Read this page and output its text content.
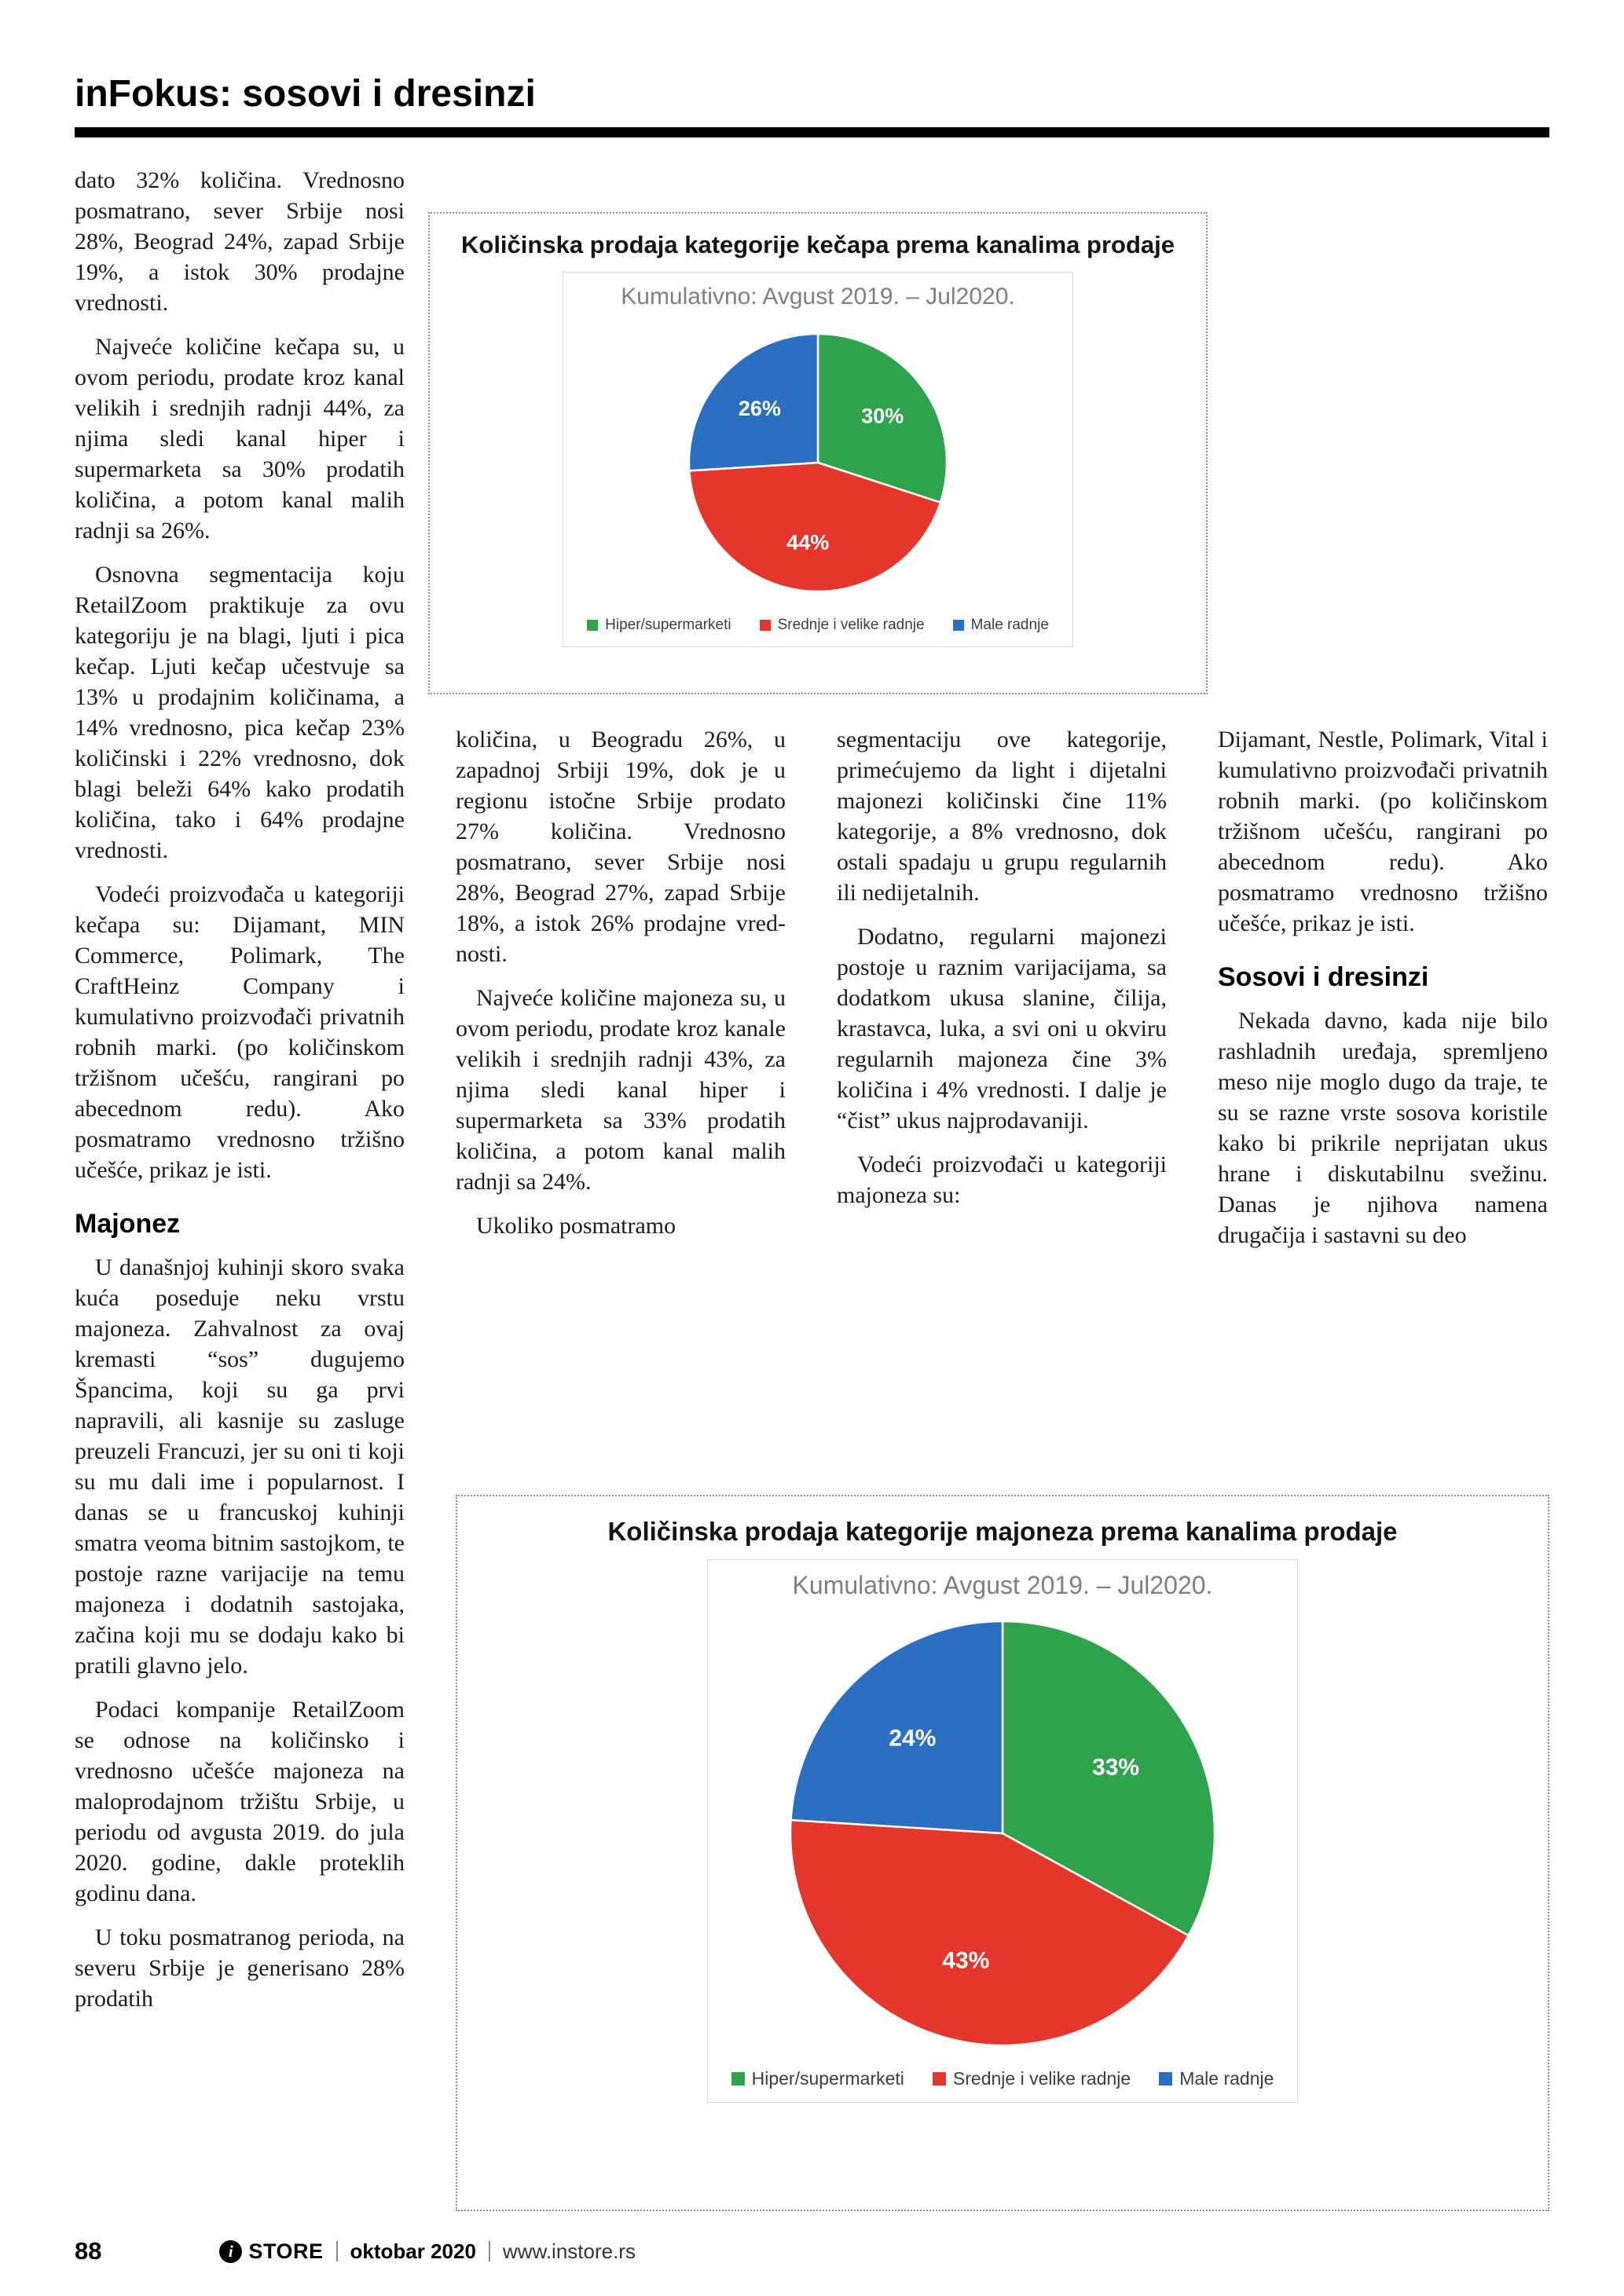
inFokus: sosovi i dresinzi

dato 32% količina. Vrednosno posmatrano, sever Srbije nosi 28%, Beograd 24%, zapad Srbije 19%, a istok 30% prodajne vrednosti.

Najveće količine kečapa su, u ovom periodu, prodate kroz kanal velikih i srednjih radnji 44%, za njima sledi kanal hiper i supermarketa sa 30% prodatih količina, a potom kanal malih radnji sa 26%.

Osnovna segmentacija koju RetailZoom praktikuje za ovu kategoriju je na blagi, ljuti i pica kečap. Ljuti kečap učestvuje sa 13% u prodajnim količinama, a 14% vrednosno, pica kečap 23% količinski i 22% vrednosno, dok blagi beleži 64% kako prodatih količina, tako i 64% prodajne vrednosti.

Vodeći proizvođača u kategoriji kečapa su: Dijamant, MIN Commerce, Polimark, The CraftHeinz Company i kumulativno proizvođači privatnih robnih marki. (po količinskom tržišnom učešću, rangirani po abecednom redu). Ako posmatramo vrednosno tržišno učešće, prikaz je isti.

Majonez

U današnjoj kuhinji skoro svaka kuća poseduje neku vrstu majoneza. Zahvalnost za ovaj kremasti “sos” dugujemo Špancima, koji su ga prvi napravili, ali kasnije su zasluge preuzeli Francuzi, jer su oni ti koji su mu dali ime i popularnost. I danas se u francuskoj kuhinji smatra veoma bitnim sastojkom, te postoje razne varijacije na temu majoneza i dodatnih sastojaka, začina koji mu se dodaju kako bi pratili glavno jelo.

Podaci kompanije RetailZoom se odnose na količinsko i vrednosno učešće majoneza na maloprodajnom tržištu Srbije, u periodu od avgusta 2019. do jula 2020. godine, dakle proteklih godinu dana.

U toku posmatranog perioda, na severu Srbije je generisano 28% prodatih

Količinska prodaja kategorije kečapa prema kanalima prodaje
Kumulativno: Avgust 2019. – Jul2020.
30%
44%
26%
Hiper/supermarketi	Srednje i velike radnje	Male radnje

količina, u Beogradu 26%, u zapadnoj Srbiji 19%, dok je u regionu istočne Srbije prodato 27% količina. Vrednosno posmatrano, sever Srbije nosi 28%, Beograd 27%, zapad Srbije 18%, a istok 26% prodajne vrednosti.

Najveće količine majoneza su, u ovom periodu, prodate kroz kanale velikih i srednjih radnji 43%, za njima sledi kanal hiper i supermarketa sa 33% prodatih količina, a potom kanal malih radnji sa 24%.

Ukoliko posmatramo

segmentaciju ove kategorije, primećujemo da light i dijetalni majonezi količinski čine 11% kategorije, a 8% vrednosno, dok ostali spadaju u grupu regularnih ili nedijetalnih.

Dodatno, regularni majonezi postoje u raznim varijacijama, sa dodatkom ukusa slanine, čilija, krastavca, luka, a svi oni u okviru regularnih majoneza čine 3% količina i 4% vrednosti. I dalje je “čist” ukus najprodavaniji.

Vodeći proizvođači u kategoriji majoneza su:

Dijamant, Nestle, Polimark, Vital i kumulativno proizvođači privatnih robnih marki. (po količinskom tržišnom učešću, rangirani po abecednom redu). Ako posmatramo vrednosno tržišno učešće, prikaz je isti.

Sosovi i dresinzi

Nekada davno, kada nije bilo rashladnih uređaja, spremljeno meso nije moglo dugo da traje, te su se razne vrste sosova koristile kako bi prikrile neprijatan ukus hrane i diskutabilnu svežinu. Danas je njihova namena drugačija i sastavni su deo

Količinska prodaja kategorije majoneza prema kanalima prodaje
Kumulativno: Avgust 2019. – Jul2020.
33%
43%
24%
Hiper/supermarketi	Srednje i velike radnje	Male radnje
88	i STORE oktobar 2020 www.instore.rs
